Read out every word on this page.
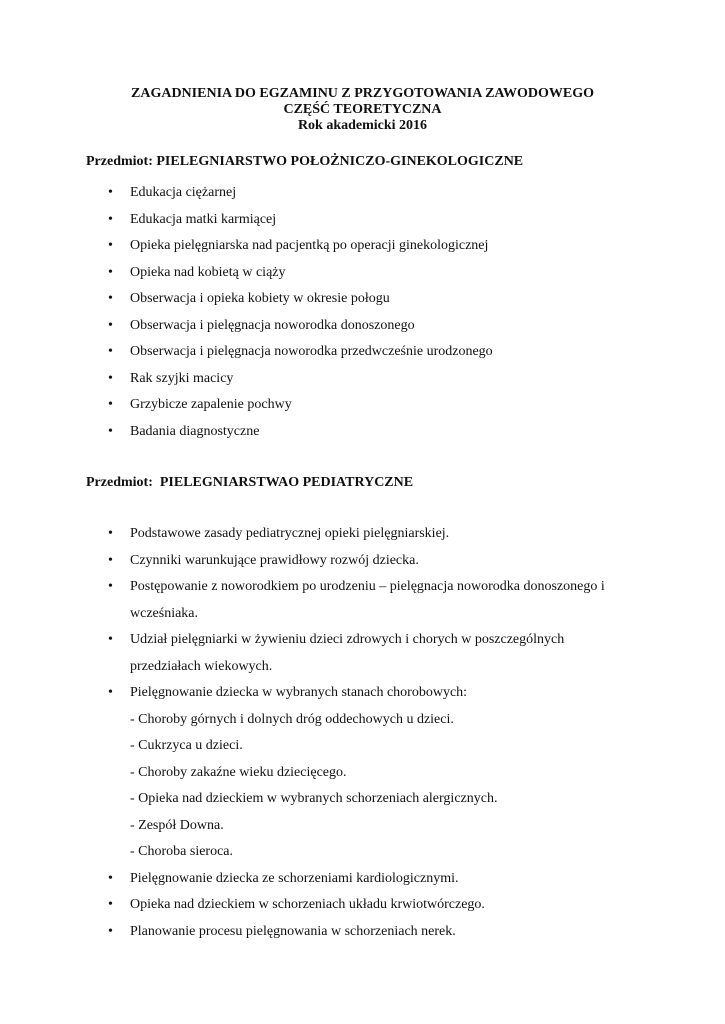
ZAGADNIENIA DO EGZAMINU Z PRZYGOTOWANIA ZAWODOWEGO
CZĘŚĆ TEORETYCZNA
Rok akademicki 2016
Przedmiot: PIELEGNIARSTWO POŁOŻNICZO-GINEKOLOGICZNE
• Edukacja ciężarnej
• Edukacja matki karmiącej
• Opieka pielęgniarska nad pacjentką po operacji ginekologicznej
• Opieka nad kobietą w ciąży
• Obserwacja i opieka kobiety w okresie połogu
• Obserwacja i pielęgnacja noworodka donoszonego
• Obserwacja i pielęgnacja noworodka przedwcześnie urodzonego
• Rak szyjki macicy
• Grzybicze zapalenie pochwy
• Badania diagnostyczne
Przedmiot:  PIELEGNIARSTWAO PEDIATRYCZNE
• Podstawowe zasady pediatrycznej opieki pielęgniarskiej.
• Czynniki warunkujące prawidłowy rozwój dziecka.
• Postępowanie z noworodkiem po urodzeniu – pielęgnacja noworodka donoszonego i
wcześniaka.
• Udział pielęgniarki w żywieniu dzieci zdrowych i chorych w poszczególnych
przedziałach wiekowych.
• Pielęgnowanie dziecka w wybranych stanach chorobowych:
- Choroby górnych i dolnych dróg oddechowych u dzieci.
- Cukrzyca u dzieci.
- Choroby zakaźne wieku dziecięcego.
- Opieka nad dzieckiem w wybranych schorzeniach alergicznych.
- Zespół Downa.
- Choroba sieroca.
• Pielęgnowanie dziecka ze schorzeniami kardiologicznymi.
• Opieka nad dzieckiem w schorzeniach układu krwiotwórczego.
• Planowanie procesu pielęgnowania w schorzeniach nerek.
